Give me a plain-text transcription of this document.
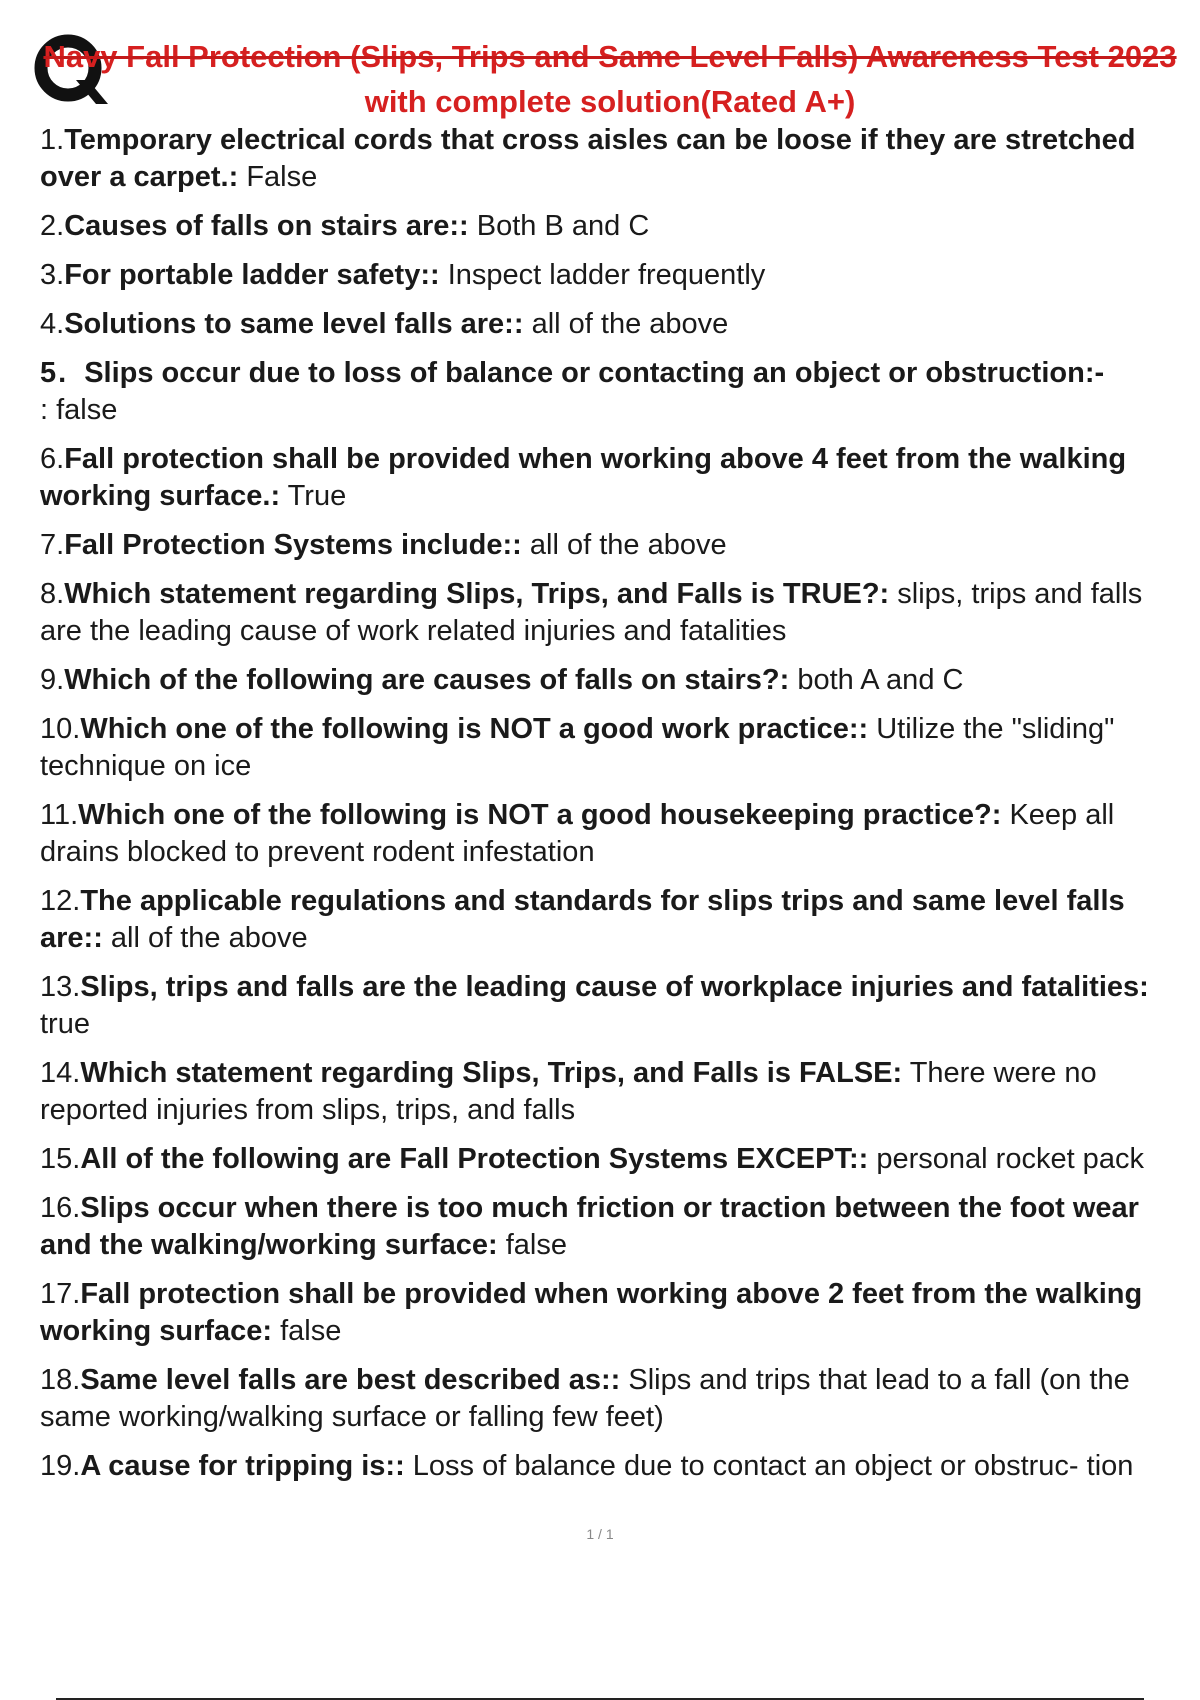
Navy Fall Protection (Slips, Trips and Same Level Falls) Awareness Test 2023
with complete solution(Rated A+)
1.Temporary electrical cords that cross aisles can be loose if they are stretched over a carpet.: False
2.Causes of falls on stairs are:: Both B and C
3.For portable ladder safety:: Inspect ladder frequently
4.Solutions to same level falls are:: all of the above
5. Slips occur due to loss of balance or contacting an object or obstruction:-
: false
6.Fall protection shall be provided when working above 4 feet from the walking working surface.: True
7.Fall Protection Systems include:: all of the above
8.Which statement regarding Slips, Trips, and Falls is TRUE?: slips, trips and falls are the leading cause of work related injuries and fatalities
9.Which of the following are causes of falls on stairs?: both A and C
10.Which one of the following is NOT a good work practice:: Utilize the "sliding" technique on ice
11.Which one of the following is NOT a good housekeeping practice?: Keep all drains blocked to prevent rodent infestation
12.The applicable regulations and standards for slips trips and same level falls are:: all of the above
13.Slips, trips and falls are the leading cause of workplace injuries and fatalities: true
14.Which statement regarding Slips, Trips, and Falls is FALSE: There were no reported injuries from slips, trips, and falls
15.All of the following are Fall Protection Systems EXCEPT:: personal rocket pack
16.Slips occur when there is too much friction or traction between the foot wear and the walking/working surface: false
17.Fall protection shall be provided when working above 2 feet from the walking working surface: false
18.Same level falls are best described as:: Slips and trips that lead to a fall (on the same working/walking surface or falling few feet)
19.A cause for tripping is:: Loss of balance due to contact an object or obstruc- tion
1 / 1
